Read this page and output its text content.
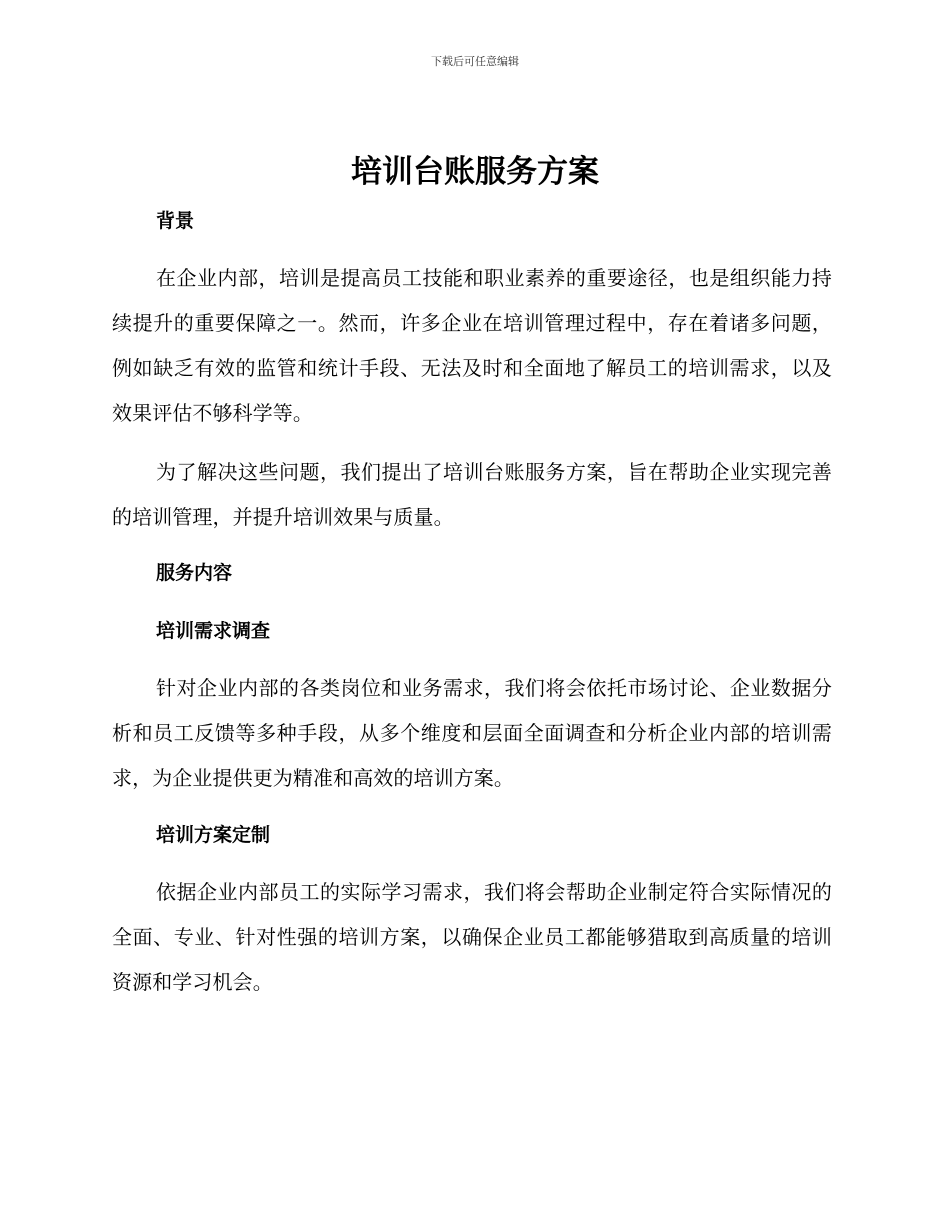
下载后可任意编辑
培训台账服务方案
背景

在企业内部，培训是提高员工技能和职业素养的重要途径，也是组织能力持续提升的重要保障之一。然而，许多企业在培训管理过程中，存在着诸多问题，例如缺乏有效的监管和统计手段、无法及时和全面地了解员工的培训需求，以及效果评估不够科学等。

为了解决这些问题，我们提出了培训台账服务方案，旨在帮助企业实现完善的培训管理，并提升培训效果与质量。

服务内容
培训需求调查

针对企业内部的各类岗位和业务需求，我们将会依托市场讨论、企业数据分析和员工反馈等多种手段，从多个维度和层面全面调查和分析企业内部的培训需求，为企业提供更为精准和高效的培训方案。

培训方案定制

依据企业内部员工的实际学习需求，我们将会帮助企业制定符合实际情况的全面、专业、针对性强的培训方案，以确保企业员工都能够猎取到高质量的培训资源和学习机会。
